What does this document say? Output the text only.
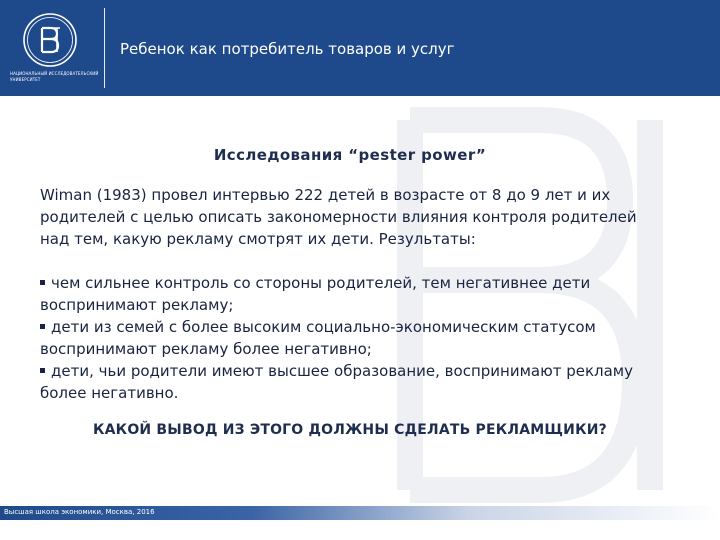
НАЦИОНАЛЬНЫЙ ИССЛЕДОВАТЕЛЬСКИЙ УНИВЕРСИТЕТ
Ребенок как потребитель товаров и услуг

Исследования “pester power”

Wiman (1983) провел интервью 222 детей в возрасте от 8 до 9 лет и их родителей с целью описать закономерности влияния контроля родителей над тем, какую рекламу смотрят их дети. Результаты:

чем сильнее контроль со стороны родителей, тем негативнее дети воспринимают рекламу;

дети из семей с более высоким социально-экономическим статусом воспринимают рекламу более негативно;

дети, чьи родители имеют высшее образование, воспринимают рекламу более негативно.

КАКОЙ ВЫВОД ИЗ ЭТОГО ДОЛЖНЫ СДЕЛАТЬ РЕКЛАМЩИКИ?

Высшая школа экономики, Москва, 2016
